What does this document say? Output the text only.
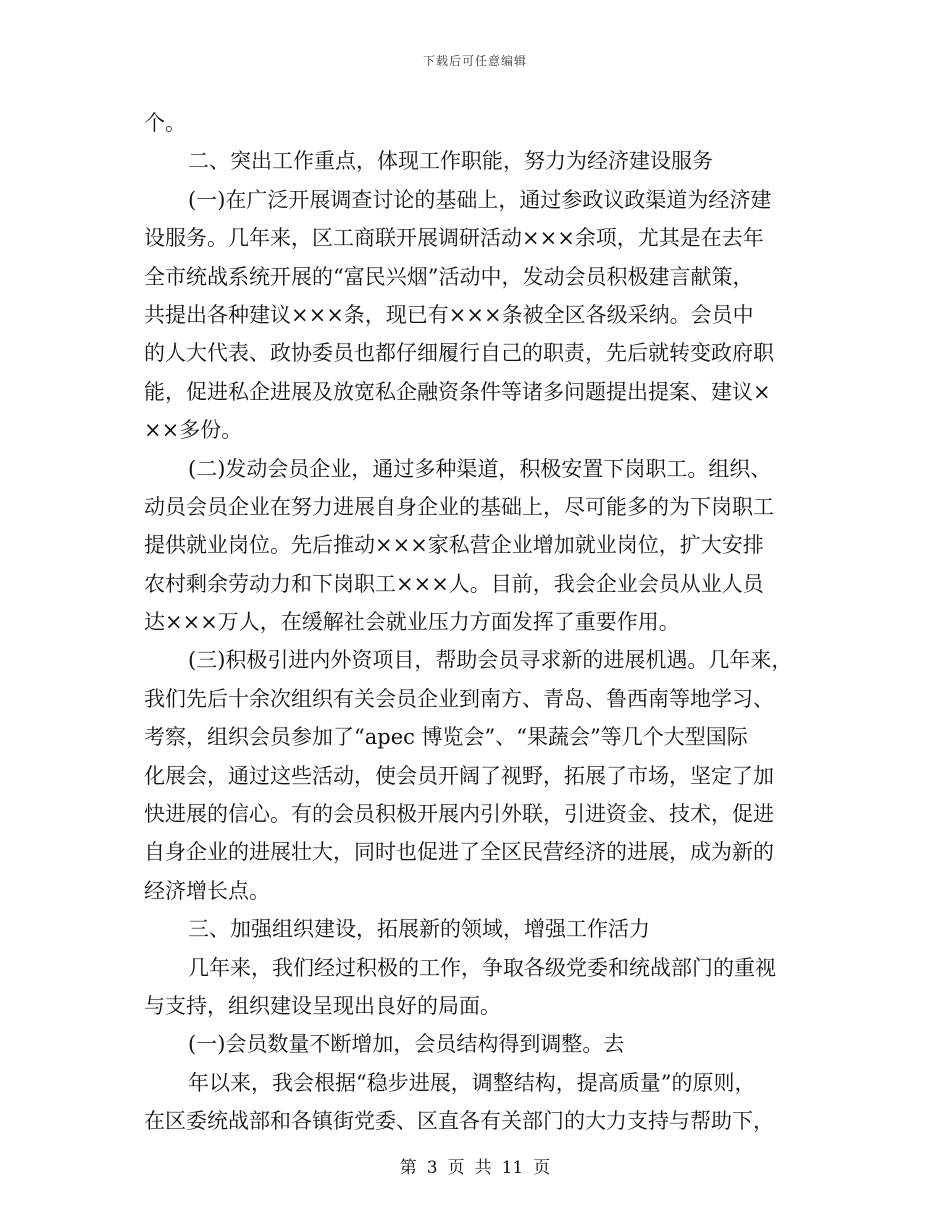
下载后可任意编辑
个。
二、突出工作重点，体现工作职能，努力为经济建设服务
(一)在广泛开展调查讨论的基础上，通过参政议政渠道为经济建
设服务。几年来，区工商联开展调研活动×××余项，尤其是在去年
全市统战系统开展的“富民兴烟”活动中，发动会员积极建言献策，
共提出各种建议×××条，现已有×××条被全区各级采纳。会员中
的人大代表、政协委员也都仔细履行自己的职责，先后就转变政府职
能，促进私企进展及放宽私企融资条件等诸多问题提出提案、建议×
××多份。
(二)发动会员企业，通过多种渠道，积极安置下岗职工。组织、
动员会员企业在努力进展自身企业的基础上，尽可能多的为下岗职工
提供就业岗位。先后推动×××家私营企业增加就业岗位，扩大安排
农村剩余劳动力和下岗职工×××人。目前，我会企业会员从业人员
达×××万人，在缓解社会就业压力方面发挥了重要作用。
(三)积极引进内外资项目，帮助会员寻求新的进展机遇。几年来，
我们先后十余次组织有关会员企业到南方、青岛、鲁西南等地学习、
考察，组织会员参加了“apec 博览会”、“果蔬会”等几个大型国际
化展会，通过这些活动，使会员开阔了视野，拓展了市场，坚定了加
快进展的信心。有的会员积极开展内引外联，引进资金、技术，促进
自身企业的进展壮大，同时也促进了全区民营经济的进展，成为新的
经济增长点。
三、加强组织建设，拓展新的领域，增强工作活力
几年来，我们经过积极的工作，争取各级党委和统战部门的重视
与支持，组织建设呈现出良好的局面。
(一)会员数量不断增加，会员结构得到调整。去
年以来，我会根据“稳步进展，调整结构，提高质量”的原则，
在区委统战部和各镇街党委、区直各有关部门的大力支持与帮助下，
第 3 页 共 11 页
